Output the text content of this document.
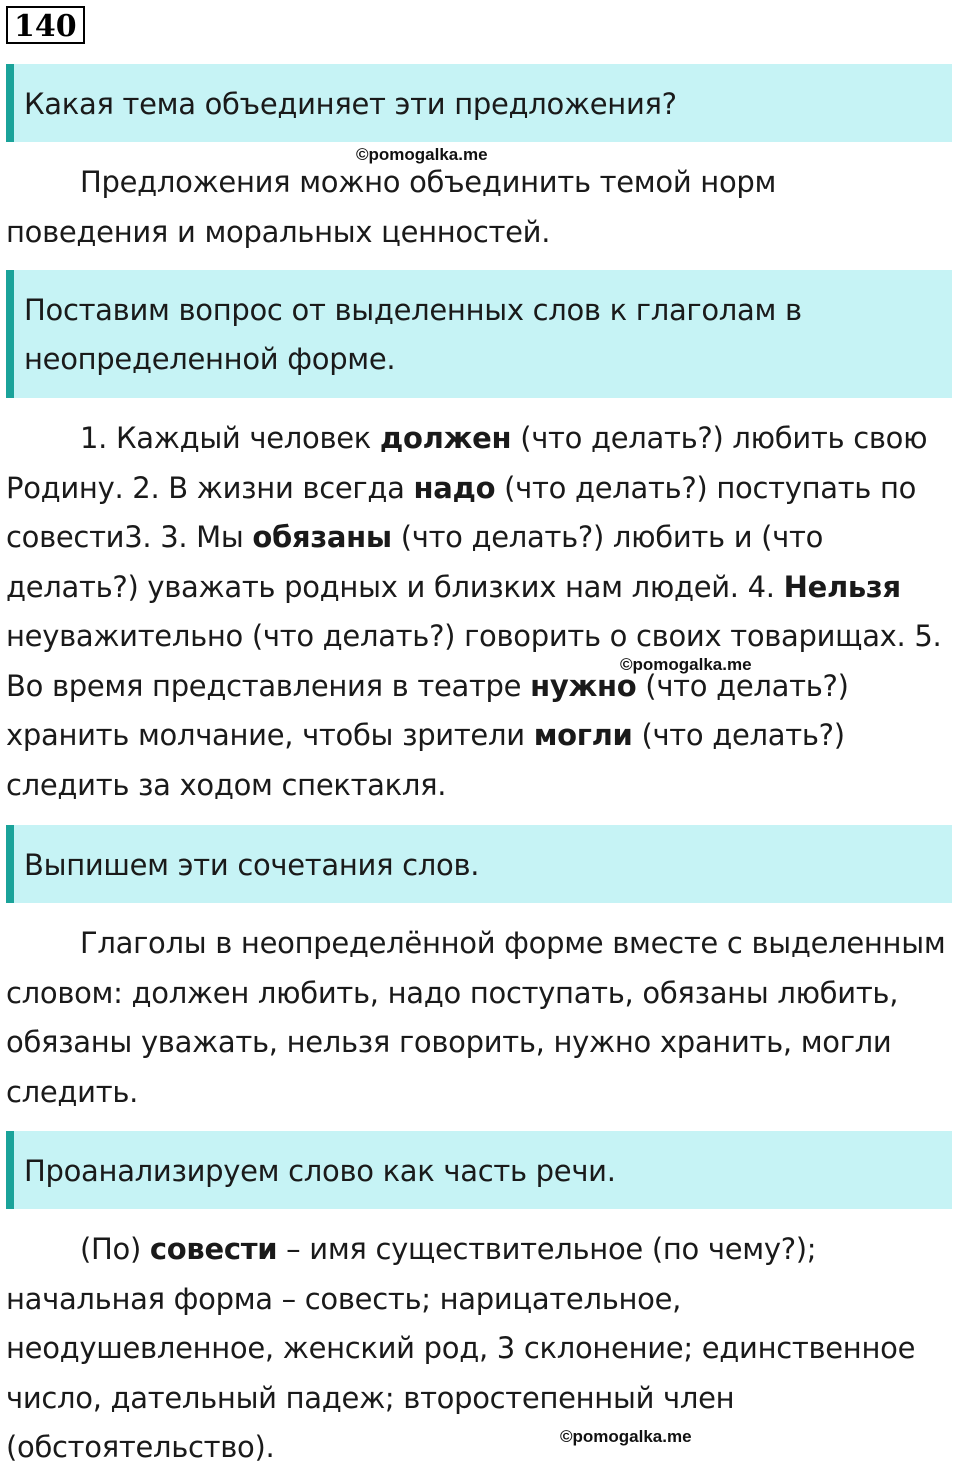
140
Какая тема объединяет эти предложения?
©pomogalka.me

Предложения можно объединить темой норм поведения и моральных ценностей.

Поставим вопрос от выделенных слов к глаголам в
неопределенной форме.

1. Каждый человек должен (что делать?) любить свою Родину. 2. В жизни всегда надо (что делать?) поступать по совести3. 3. Мы обязаны (что делать?) любить и (что делать?) уважать родных и близких нам людей. 4. Нельзя неуважительно (что делать?) говорить о своих товарищах. 5. Во время представления в театре нужно (что делать?) хранить молчание, чтобы зрители могли (что делать?) следить за ходом спектакля.

©pomogalka.me
Выпишем эти сочетания слов.

Глаголы в неопределённой форме вместе с выделенным словом: должен любить, надо поступать, обязаны любить, обязаны уважать, нельзя говорить, нужно хранить, могли следить.

Проанализируем слово как часть речи.

(По) совести – имя существительное (по чему?); начальная форма – совесть; нарицательное, неодушевленное, женский род, 3 склонение; единственное число, дательный падеж; второстепенный член (обстоятельство).	©pomogalka.me
